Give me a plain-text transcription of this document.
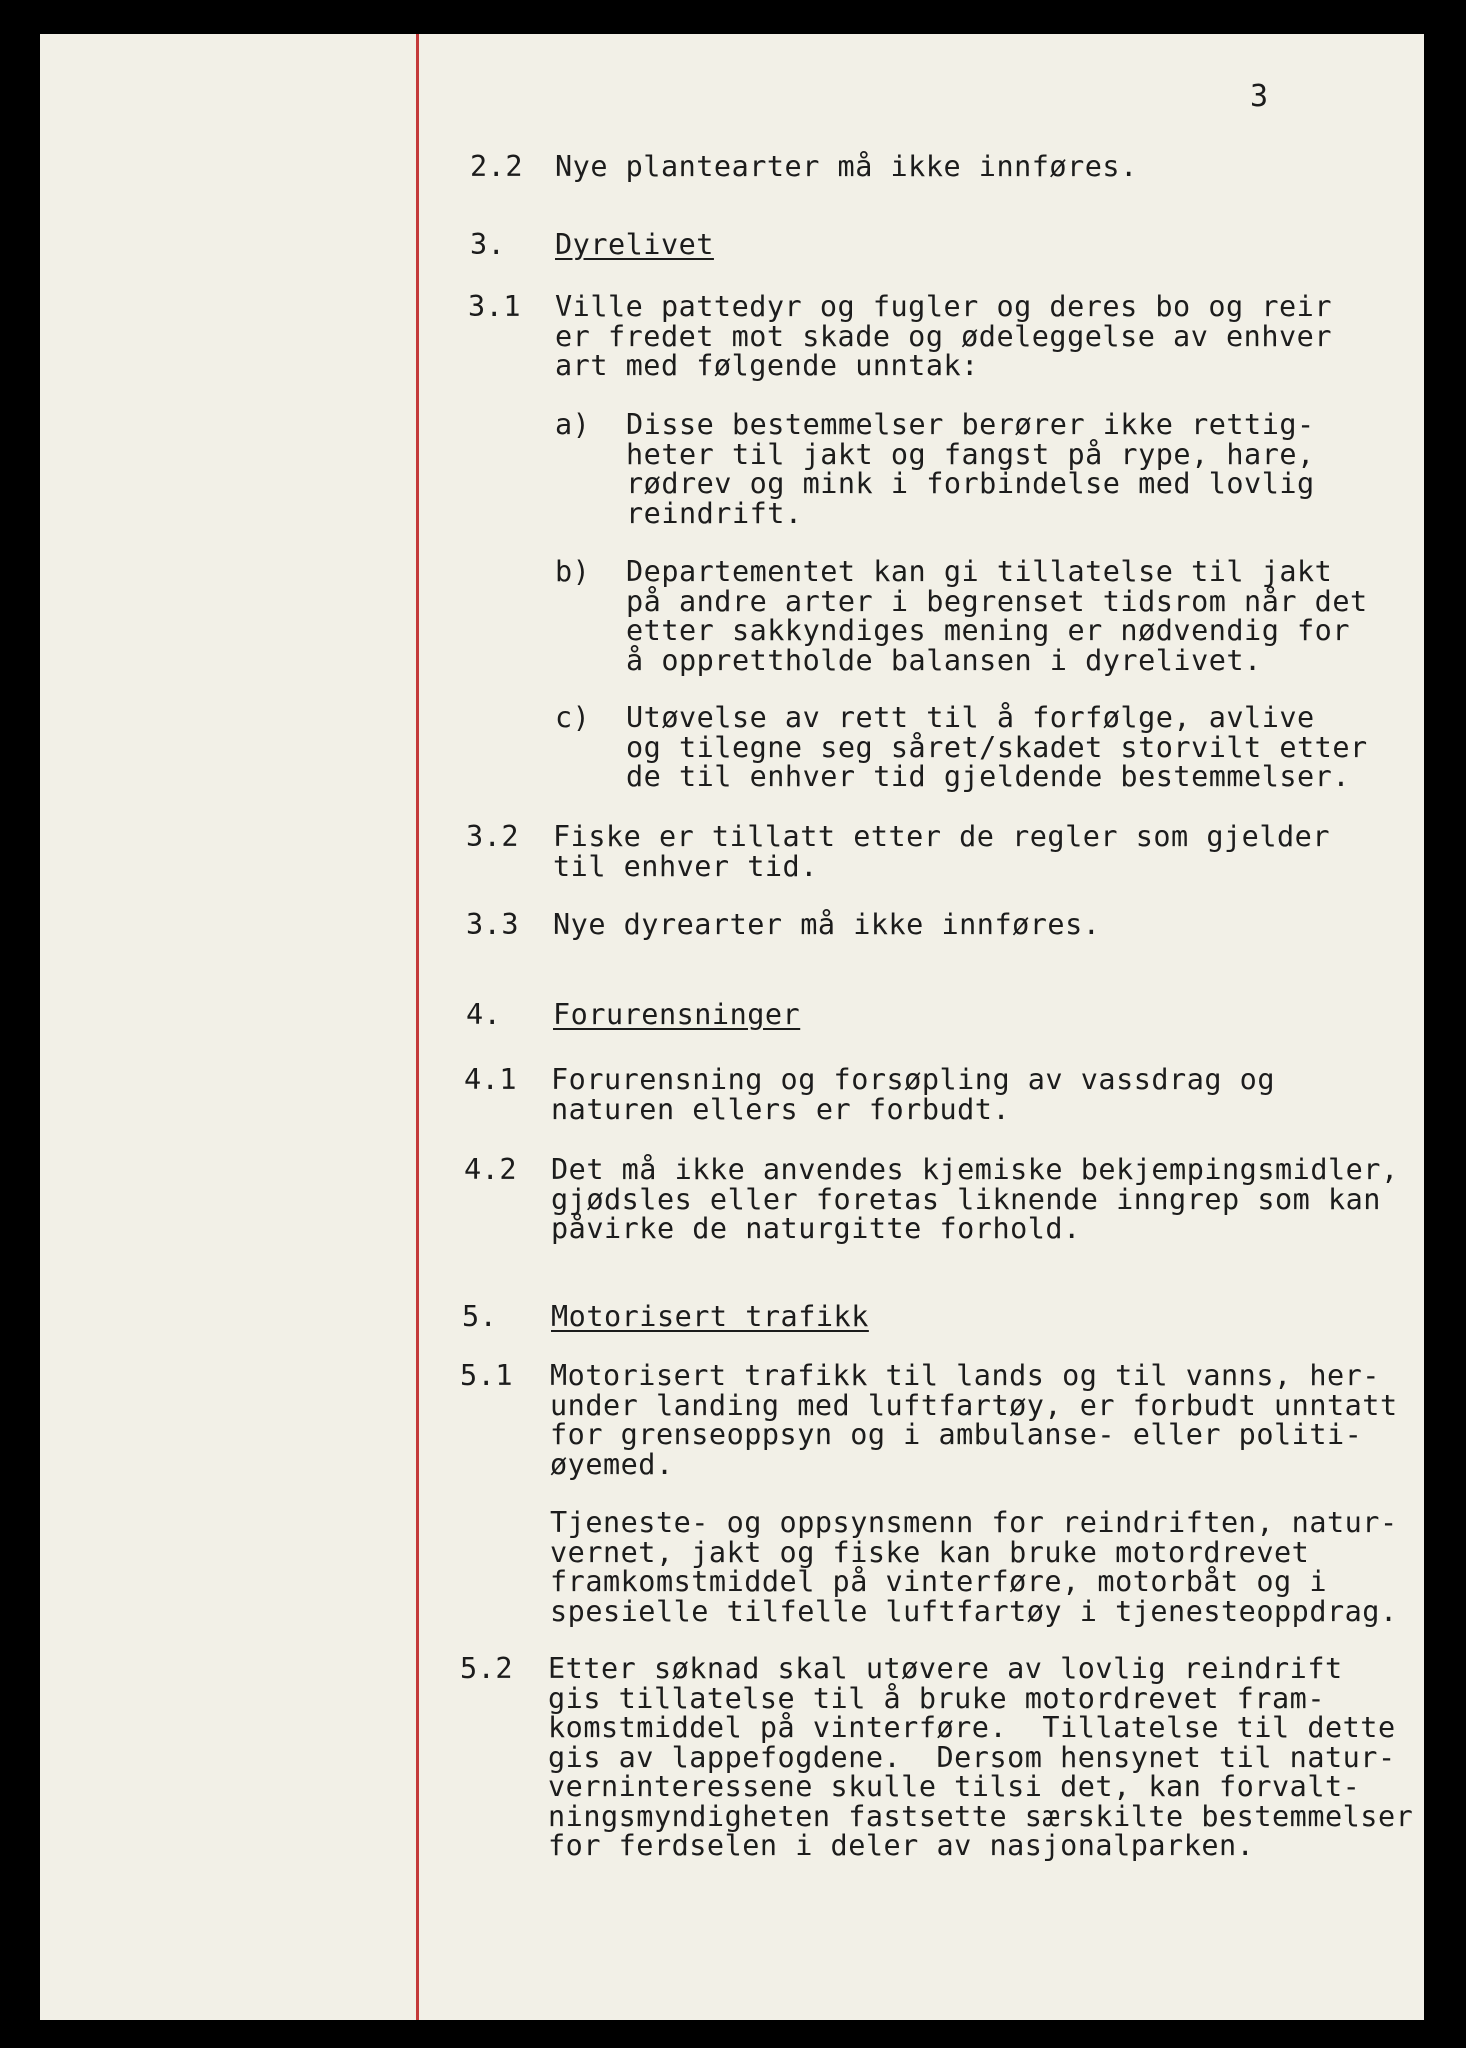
3
2.2 Nye plantearter må ikke innføres.
3. Dyrelivet
3.1 Ville pattedyr og fugler og deres bo og reir
er fredet mot skade og ødeleggelse av enhver
art med følgende unntak:
a) Disse bestemmelser berører ikke rettig-
heter til jakt og fangst på rype, hare,
rødrev og mink i forbindelse med lovlig
reindrift.
b) Departementet kan gi tillatelse til jakt
på andre arter i begrenset tidsrom når det
etter sakkyndiges mening er nødvendig for
å opprettholde balansen i dyrelivet.
c) Utøvelse av rett til å forfølge, avlive
og tilegne seg såret/skadet storvilt etter
de til enhver tid gjeldende bestemmelser.
3.2 Fiske er tillatt etter de regler som gjelder
til enhver tid.
3.3 Nye dyrearter må ikke innføres.
4. Forurensninger
4.1 Forurensning og forsøpling av vassdrag og
naturen ellers er forbudt.
4.2 Det må ikke anvendes kjemiske bekjempingsmidler,
gjødsles eller foretas liknende inngrep som kan
påvirke de naturgitte forhold.
5. Motorisert trafikk
5.1 Motorisert trafikk til lands og til vanns, her-
under landing med luftfartøy, er forbudt unntatt
for grenseoppsyn og i ambulanse- eller politi-
øyemed.
Tjeneste- og oppsynsmenn for reindriften, natur-
vernet, jakt og fiske kan bruke motordrevet
framkomstmiddel på vinterføre, motorbåt og i
spesielle tilfelle luftfartøy i tjenesteoppdrag.
5.2 Etter søknad skal utøvere av lovlig reindrift
gis tillatelse til å bruke motordrevet fram-
komstmiddel på vinterføre.  Tillatelse til dette
gis av lappefogdene.  Dersom hensynet til natur-
verninteressene skulle tilsi det, kan forvalt-
ningsmyndigheten fastsette særskilte bestemmelser
for ferdselen i deler av nasjonalparken.
